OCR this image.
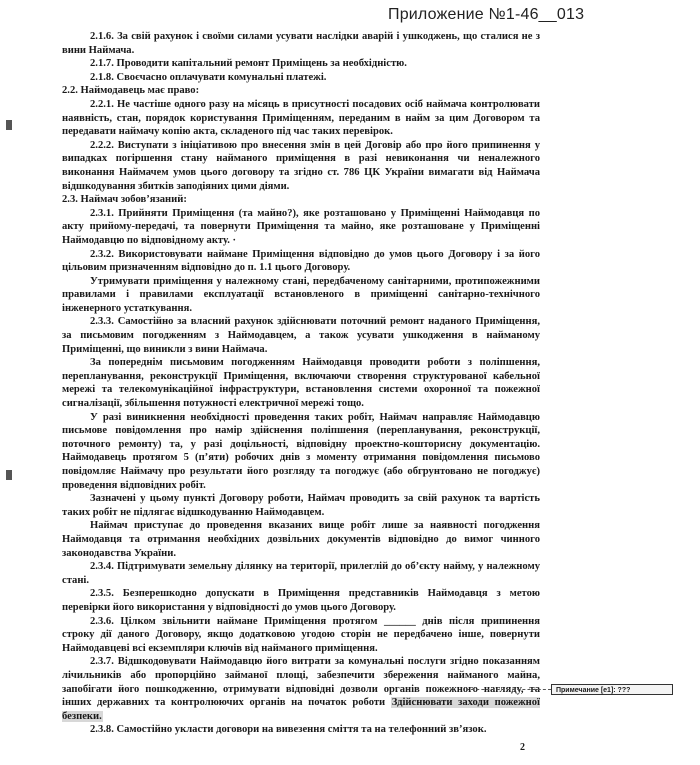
Приложение №1-46__013

2.1.6. За свій рахунок і своїми силами усувати наслідки аварій і ушкоджень, що сталися не з вини Наймача.

2.1.7. Проводити капітальний ремонт Приміщень за необхідністю.

2.1.8. Своєчасно оплачувати комунальні платежі.

2.2. Наймодавець має право:

2.2.1. Не частіше одного разу на місяць в присутності посадових осіб наймача контролювати наявність, стан, порядок користування Приміщенням, переданим в найм за цим Договором та передавати наймачу копію акта, складеного під час таких перевірок.

2.2.2. Виступати з ініціативою про внесення змін в цей Договір або про його припинення у випадках погіршення стану найманого приміщення в разі невиконання чи неналежного виконання Наймачем умов цього договору та згідно ст. 786 ЦК України вимагати від Наймача відшкодування збитків заподіяних цими діями.

2.3. Наймач зобов’язаний:

2.3.1. Прийняти Приміщення (та майно?), яке розташовано у Приміщенні Наймодавця по акту прийому-передачі, та повернути Приміщення та майно, яке розташоване у Приміщенні Наймодавцю по відповідному акту. ·

2.3.2. Використовувати наймане Приміщення відповідно до умов цього Договору і за його цільовим призначенням відповідно до п. 1.1 цього Договору.

Утримувати приміщення у належному стані, передбаченому санітарними, протипожежними правилами і правилами експлуатації встановленого в приміщенні санітарно-технічного інженерного устаткування.

2.3.3. Самостійно за власний рахунок здійснювати поточний ремонт наданого Приміщення, за письмовим погодженням з Наймодавцем, а також усувати ушкодження в найманому Приміщенні, що виникли з вини Наймача.

За попереднім письмовим погодженням Наймодавця проводити роботи з поліпшення, перепланування, реконструкції Приміщення, включаючи створення структурованої кабельної мережі та телекомунікаційної інфраструктури, встановлення системи охоронної та пожежної сигналізації, збільшення потужності електричної мережі тощо.

У разі виникнення необхідності проведення таких робіт, Наймач направляє Наймодавцю письмове повідомлення про намір здійснення поліпшення (перепланування, реконструкції, поточного ремонту) та, у разі доцільності, відповідну проектно-кошторисну документацію. Наймодавець протягом 5 (п’яти) робочих днів з моменту отримання повідомлення письмово повідомляє Наймачу про результати його розгляду та погоджує (або обгрунтовано не погоджує) проведення відповідних робіт.

Зазначені у цьому пункті Договору роботи, Наймач проводить за свій рахунок та вартість таких робіт не підлягає відшкодуванню Наймодавцем.

Наймач приступає до проведення вказаних вище робіт лише за наявності погодження Наймодавця та отримання необхідних дозвільних документів відповідно до вимог чинного законодавства України.

2.3.4. Підтримувати земельну ділянку на території, прилеглій до об’єкту найму, у належному стані.

2.3.5. Безперешкодно допускати в Приміщення представників Наймодавця з метою перевірки його використання у відповідності до умов цього Договору.

2.3.6. Цілком звільнити наймане Приміщення протягом ______ днів після припинення строку дії даного Договору, якщо додатковою угодою сторін не передбачено інше, повернути Наймодавцеві всі екземпляри ключів від найманого приміщення.

2.3.7. Відшкодовувати Наймодавцю його витрати за комунальні послуги згідно показанням лічильників або пропорційно займаної площі, забезпечити збереження найманого майна, запобігати його пошкодженню, отримувати відповідні дозволи органів пожежного нагляду, та інших державних та контролюючих органів на початок роботи Здійснювати заходи пожежної безпеки.

2.3.8. Самостійно укласти договори на вивезення сміття та на телефонний зв’язок.

Примечание [e1]: ???
2
